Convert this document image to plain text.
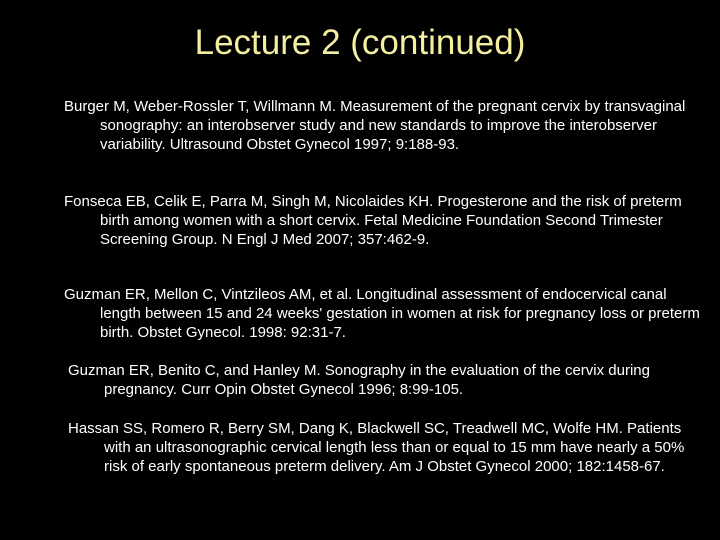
Lecture 2 (continued)

Burger M, Weber-Rossler T, Willmann M. Measurement of the pregnant cervix by transvaginal sonography: an interobserver study and new standards to improve the interobserver variability. Ultrasound Obstet Gynecol 1997; 9:188-93.

Fonseca EB, Celik E, Parra M, Singh M, Nicolaides KH. Progesterone and the risk of preterm birth among women with a short cervix. Fetal Medicine Foundation Second Trimester Screening Group. N Engl J Med 2007; 357:462-9.

Guzman ER, Mellon C, Vintzileos AM, et al. Longitudinal assessment of endocervical canal length between 15 and 24 weeks' gestation in women at risk for pregnancy loss or preterm birth. Obstet Gynecol. 1998: 92:31-7.

Guzman ER, Benito C, and Hanley M. Sonography in the evaluation of the cervix during pregnancy. Curr Opin Obstet Gynecol 1996; 8:99-105.

Hassan SS, Romero R, Berry SM, Dang K, Blackwell SC, Treadwell MC, Wolfe HM. Patients with an ultrasonographic cervical length less than or equal to 15 mm have nearly a 50% risk of early spontaneous preterm delivery. Am J Obstet Gynecol 2000; 182:1458-67.
